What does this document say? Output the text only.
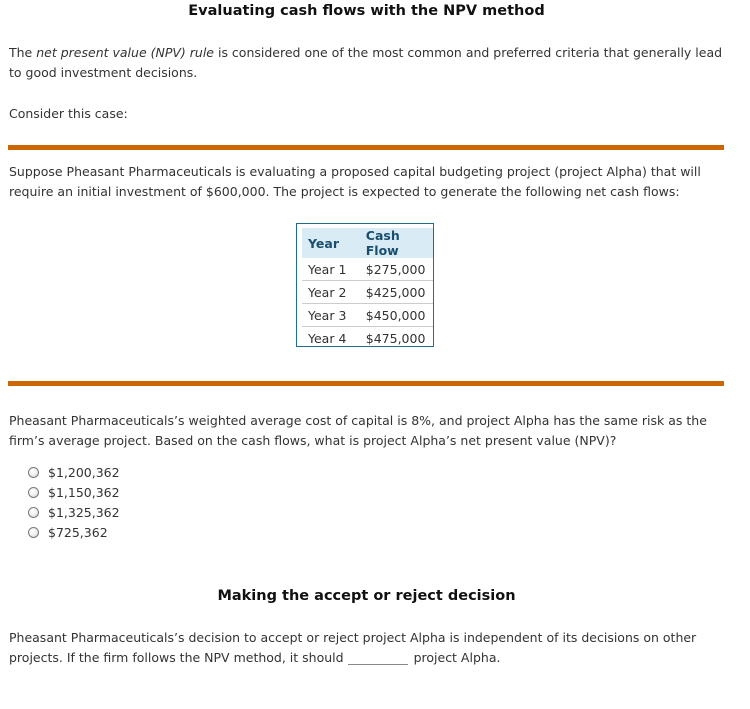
Evaluating cash flows with the NPV method

The net present value (NPV) rule is considered one of the most common and preferred criteria that generally lead to good investment decisions.

Consider this case:

Suppose Pheasant Pharmaceuticals is evaluating a proposed capital budgeting project (project Alpha) that will require an initial investment of $600,000. The project is expected to generate the following net cash flows:

Year	Cash Flow
Year 1	$275,000
Year 2	$425,000
Year 3	$450,000
Year 4	$475,000

Pheasant Pharmaceuticals’s weighted average cost of capital is 8%, and project Alpha has the same risk as the firm’s average project. Based on the cash flows, what is project Alpha’s net present value (NPV)?

$1,200,362
$1,150,362
$1,325,362
$725,362
Making the accept or reject decision

Pheasant Pharmaceuticals’s decision to accept or reject project Alpha is independent of its decisions on other projects. If the firm follows the NPV method, it should	project Alpha.
